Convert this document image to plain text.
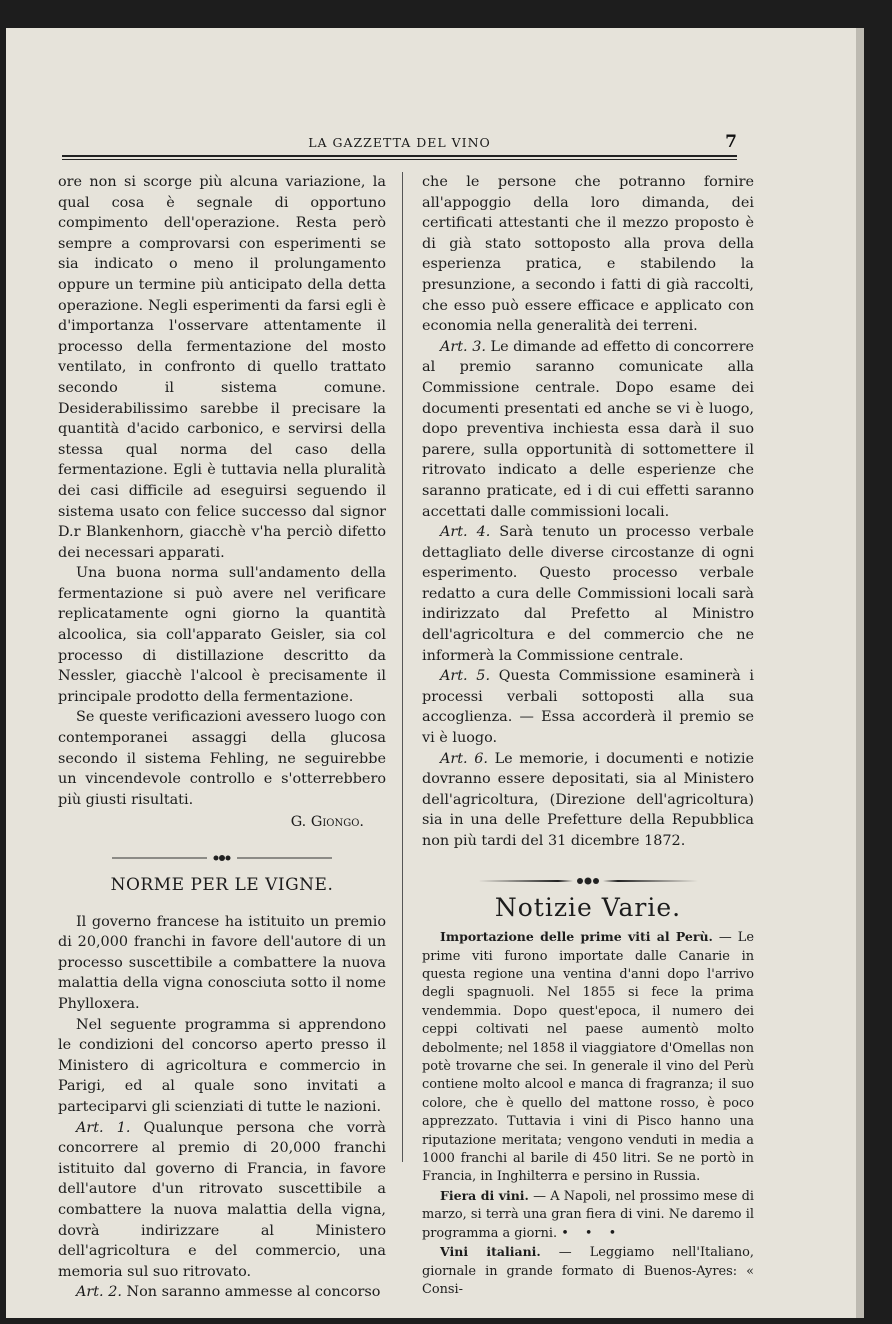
LA GAZZETTA DEL VINO	7

ore non si scorge più alcuna variazione, la qual cosa è segnale di opportuno compimento dell'operazione. Resta però sempre a comprovarsi con esperimenti se sia indicato o meno il prolungamento oppure un termine più anticipato della detta operazione. Negli esperimenti da farsi egli è d'importanza l'osservare attentamente il processo della fermentazione del mosto ventilato, in confronto di quello trattato secondo il sistema comune. Desiderabilissimo sarebbe il precisare la quantità d'acido carbonico, e servirsi della stessa qual norma del caso della fermentazione. Egli è tuttavia nella pluralità dei casi difficile ad eseguirsi seguendo il sistema usato con felice successo dal signor D.r Blankenhorn, giacchè v'ha perciò difetto dei necessari apparati.

Una buona norma sull'andamento della fermentazione si può avere nel verificare replicatamente ogni giorno la quantità alcoolica, sia coll'apparato Geisler, sia col processo di distillazione descritto da Nessler, giacchè l'alcool è precisamente il principale prodotto della fermentazione.

Se queste verificazioni avessero luogo con contemporanei assaggi della glucosa secondo il sistema Fehling, ne seguirebbe un vincendevole controllo e s'otterrebbero più giusti risultati.

G. Giongo.

NORME PER LE VIGNE.

Il governo francese ha istituito un premio di 20,000 franchi in favore dell'autore di un processo suscettibile a combattere la nuova malattia della vigna conosciuta sotto il nome Phylloxera.

Nel seguente programma si apprendono le condizioni del concorso aperto presso il Ministero di agricoltura e commercio in Parigi, ed al quale sono invitati a parteciparvi gli scienziati di tutte le nazioni.

Art. 1. Qualunque persona che vorrà concorrere al premio di 20,000 franchi istituito dal governo di Francia, in favore dell'autore d'un ritrovato suscettibile a combattere la nuova malattia della vigna, dovrà indirizzare al Ministero dell'agricoltura e del commercio, una memoria sul suo ritrovato.

Art. 2. Non saranno ammesse al concorso

che le persone che potranno fornire all'appoggio della loro dimanda, dei certificati attestanti che il mezzo proposto è di già stato sottoposto alla prova della esperienza pratica, e stabilendo la presunzione, a secondo i fatti di già raccolti, che esso può essere efficace e applicato con economia nella generalità dei terreni.

Art. 3. Le dimande ad effetto di concorrere al premio saranno comunicate alla Commissione centrale. Dopo esame dei documenti presentati ed anche se vi è luogo, dopo preventiva inchiesta essa darà il suo parere, sulla opportunità di sottomettere il ritrovato indicato a delle esperienze che saranno praticate, ed i di cui effetti saranno accettati dalle commissioni locali.

Art. 4. Sarà tenuto un processo verbale dettagliato delle diverse circostanze di ogni esperimento. Questo processo verbale redatto a cura delle Commissioni locali sarà indirizzato dal Prefetto al Ministro dell'agricoltura e del commercio che ne informerà la Commissione centrale.

Art. 5. Questa Commissione esaminerà i processi verbali sottoposti alla sua accoglienza. — Essa accorderà il premio se vi è luogo.

Art. 6. Le memorie, i documenti e notizie dovranno essere depositati, sia al Ministero dell'agricoltura, (Direzione dell'agricoltura) sia in una delle Prefetture della Repubblica non più tardi del 31 dicembre 1872.

Notizie Varie.

Importazione delle prime viti al Perù. — Le prime viti furono importate dalle Canarie in questa regione una ventina d'anni dopo l'arrivo degli spagnuoli. Nel 1855 si fece la prima vendemmia. Dopo quest'epoca, il numero dei ceppi coltivati nel paese aumentò molto debolmente; nel 1858 il viaggiatore d'Omellas non potè trovarne che sei. In generale il vino del Perù contiene molto alcool e manca di fragranza; il suo colore, che è quello del mattone rosso, è poco apprezzato. Tuttavia i vini di Pisco hanno una riputazione meritata; vengono venduti in media a 1000 franchi al barile di 450 litri. Se ne portò in Francia, in Inghilterra e persino in Russia.

Fiera di vini. — A Napoli, nel prossimo mese di marzo, si terrà una gran fiera di vini. Ne daremo il programma a giorni. • • •

Vini italiani. — Leggiamo nell'Italiano, giornale in grande formato di Buenos-Ayres: « Consi-
